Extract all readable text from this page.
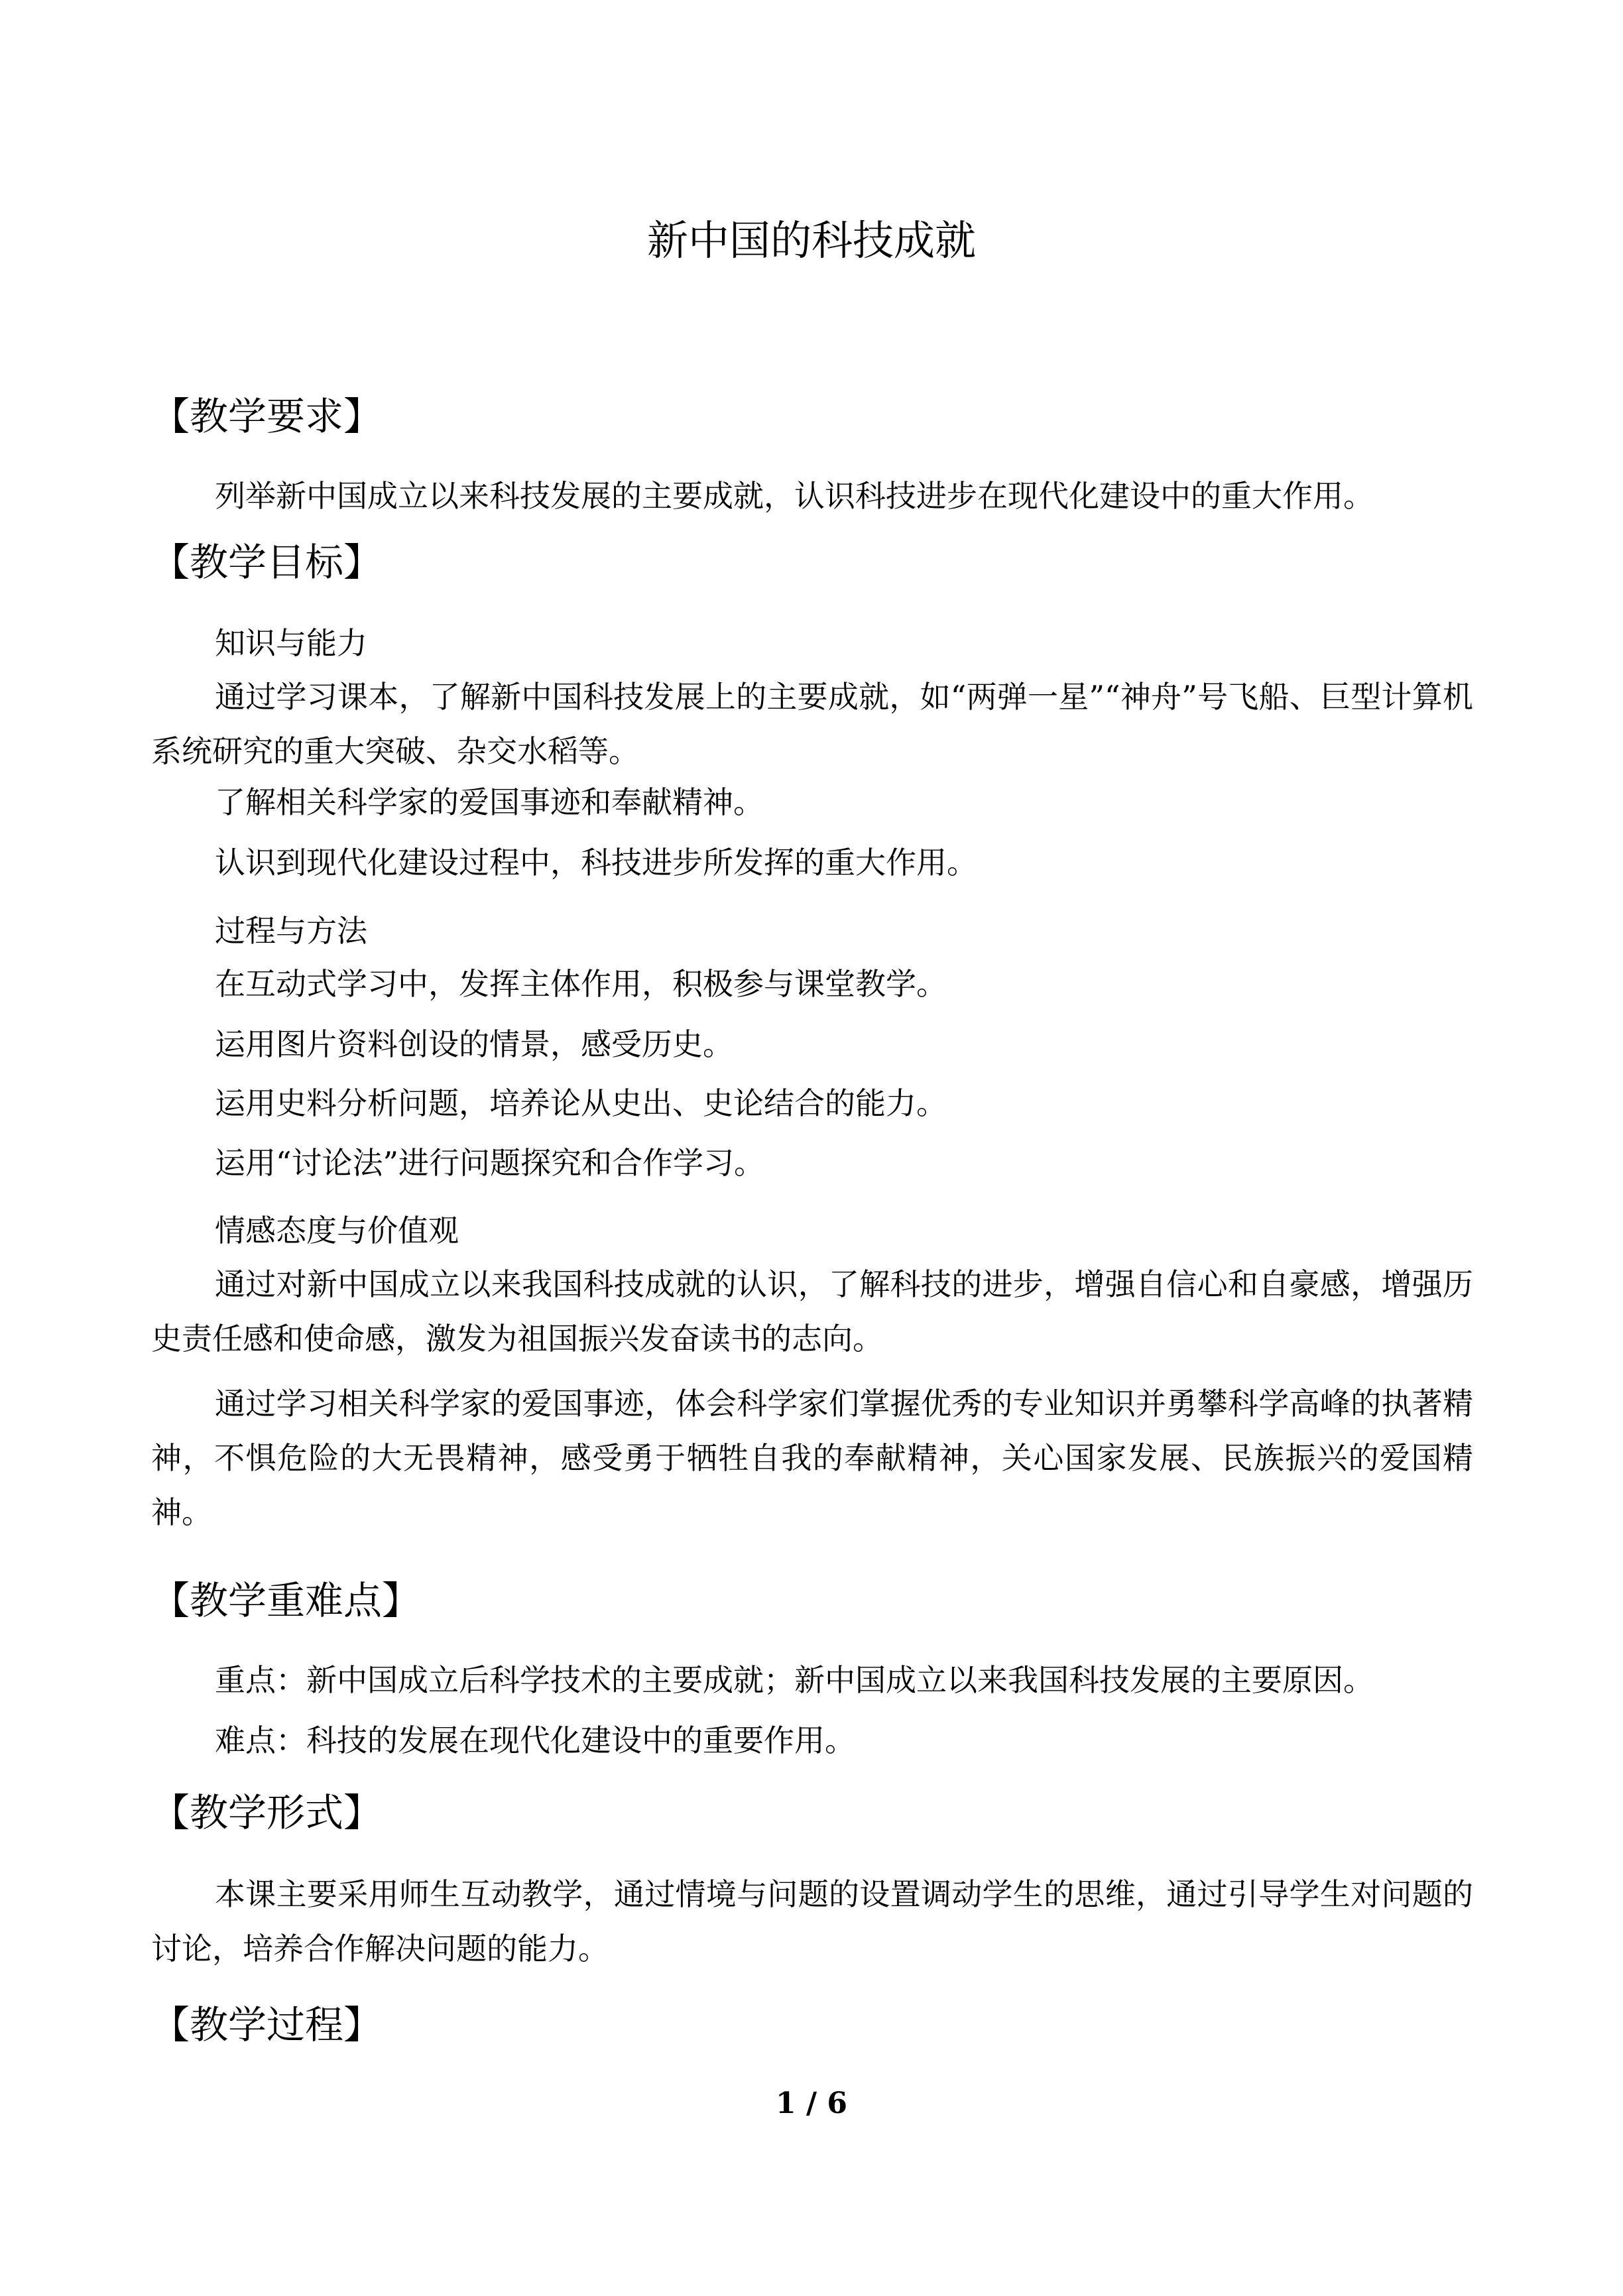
新中国的科技成就
【教学要求】
列举新中国成立以来科技发展的主要成就，认识科技进步在现代化建设中的重大作用。
【教学目标】
知识与能力
通过学习课本，了解新中国科技发展上的主要成就，如“两弹一星”“神舟”号飞船、巨型计算机系统研究的重大突破、杂交水稻等。
了解相关科学家的爱国事迹和奉献精神。
认识到现代化建设过程中，科技进步所发挥的重大作用。
过程与方法
在互动式学习中，发挥主体作用，积极参与课堂教学。
运用图片资料创设的情景，感受历史。
运用史料分析问题，培养论从史出、史论结合的能力。
运用“讨论法”进行问题探究和合作学习。
情感态度与价值观
通过对新中国成立以来我国科技成就的认识，了解科技的进步，增强自信心和自豪感，增强历史责任感和使命感，激发为祖国振兴发奋读书的志向。
通过学习相关科学家的爱国事迹，体会科学家们掌握优秀的专业知识并勇攀科学高峰的执著精神，不惧危险的大无畏精神，感受勇于牺牲自我的奉献精神，关心国家发展、民族振兴的爱国精神。
【教学重难点】
重点：新中国成立后科学技术的主要成就；新中国成立以来我国科技发展的主要原因。
难点：科技的发展在现代化建设中的重要作用。
【教学形式】
本课主要采用师生互动教学，通过情境与问题的设置调动学生的思维，通过引导学生对问题的讨论，培养合作解决问题的能力。
【教学过程】
1 / 6
